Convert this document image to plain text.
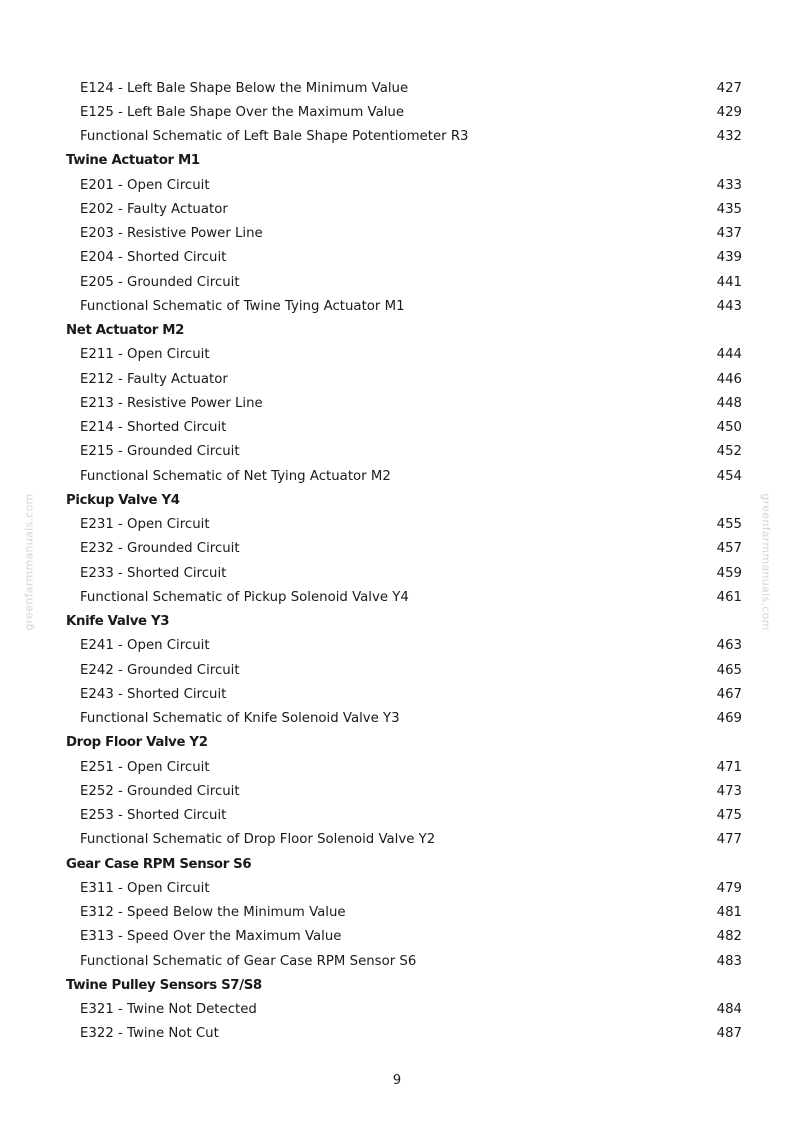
greenfarmmanuals.com	greenfarmmanuals.com
E124 - Left Bale Shape Below the Minimum Value	427
E125 - Left Bale Shape Over the Maximum Value	429
Functional Schematic of Left Bale Shape Potentiometer R3	432
Twine Actuator M1
E201 - Open Circuit	433
E202 - Faulty Actuator	435
E203 - Resistive Power Line	437
E204 - Shorted Circuit	439
E205 - Grounded Circuit	441
Functional Schematic of Twine Tying Actuator M1	443
Net Actuator M2
E211 - Open Circuit	444
E212 - Faulty Actuator	446
E213 - Resistive Power Line	448
E214 - Shorted Circuit	450
E215 - Grounded Circuit	452
Functional Schematic of Net Tying Actuator M2	454
Pickup Valve Y4
E231 - Open Circuit	455
E232 - Grounded Circuit	457
E233 - Shorted Circuit	459
Functional Schematic of Pickup Solenoid Valve Y4	461
Knife Valve Y3
E241 - Open Circuit	463
E242 - Grounded Circuit	465
E243 - Shorted Circuit	467
Functional Schematic of Knife Solenoid Valve Y3	469
Drop Floor Valve Y2
E251 - Open Circuit	471
E252 - Grounded Circuit	473
E253 - Shorted Circuit	475
Functional Schematic of Drop Floor Solenoid Valve Y2	477
Gear Case RPM Sensor S6
E311 - Open Circuit	479
E312 - Speed Below the Minimum Value	481
E313 - Speed Over the Maximum Value	482
Functional Schematic of Gear Case RPM Sensor S6	483
Twine Pulley Sensors S7/S8
E321 - Twine Not Detected	484
E322 - Twine Not Cut	487
9
